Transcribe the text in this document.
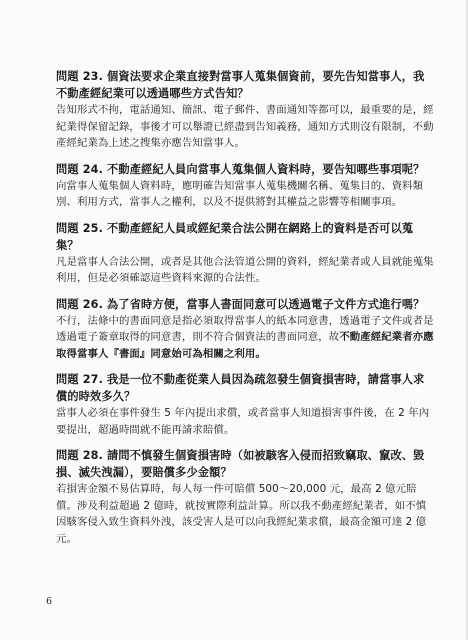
問題 23. 個資法要求企業直接對當事人蒐集個資前，要先告知當事人，我不動產經紀業可以透過哪些方式告知？

告知形式不拘，電話通知、簡訊、電子郵件、書面通知等都可以，最重要的是，經紀業得保留記錄，事後才可以舉證已經盡到告知義務，通知方式則沒有限制，不動產經紀業為上述之搜集亦應告知當事人。

問題 24. 不動產經紀人員向當事人蒐集個人資料時，要告知哪些事項呢？

向當事人蒐集個人資料時，應明確告知當事人蒐集機關名稱、蒐集目的、資料類別、利用方式，當事人之權利，以及不提供將對其權益之影響等相關事項。

問題 25. 不動產經紀人員或經紀業合法公開在網路上的資料是否可以蒐集？

凡是當事人合法公開，或者是其他合法管道公開的資料，經紀業者或人員就能蒐集利用，但是必須確認這些資料來源的合法性。

問題 26. 為了省時方便，當事人書面同意可以透過電子文件方式進行嗎？

不行，法條中的書面同意是指必須取得當事人的紙本同意書，透過電子文件或者是透過電子簽章取得的同意書，則不符合個資法的書面同意，故不動產經紀業者亦應取得當事人『書面』同意始可為相關之利用。

問題 27. 我是一位不動產從業人員因為疏忽發生個資損害時，請當事人求償的時效多久？

當事人必須在事件發生 5 年內提出求償，或者當事人知道損害事件後，在 2 年內要提出，超過時間就不能再請求賠償。

問題 28. 請問不慎發生個資損害時（如被駭客入侵而招致竊取、竄改、毀損、滅失洩漏），要賠償多少金額？

若損害金額不易估算時，每人每一件可賠償 500～20,000 元，最高 2 億元賠償。涉及利益超過 2 億時，就按實際利益計算。所以我不動產經紀業者，如不慎因駭客侵入致生資料外洩，該受害人是可以向我經紀業求償，最高金額可達 2 億元。

6
